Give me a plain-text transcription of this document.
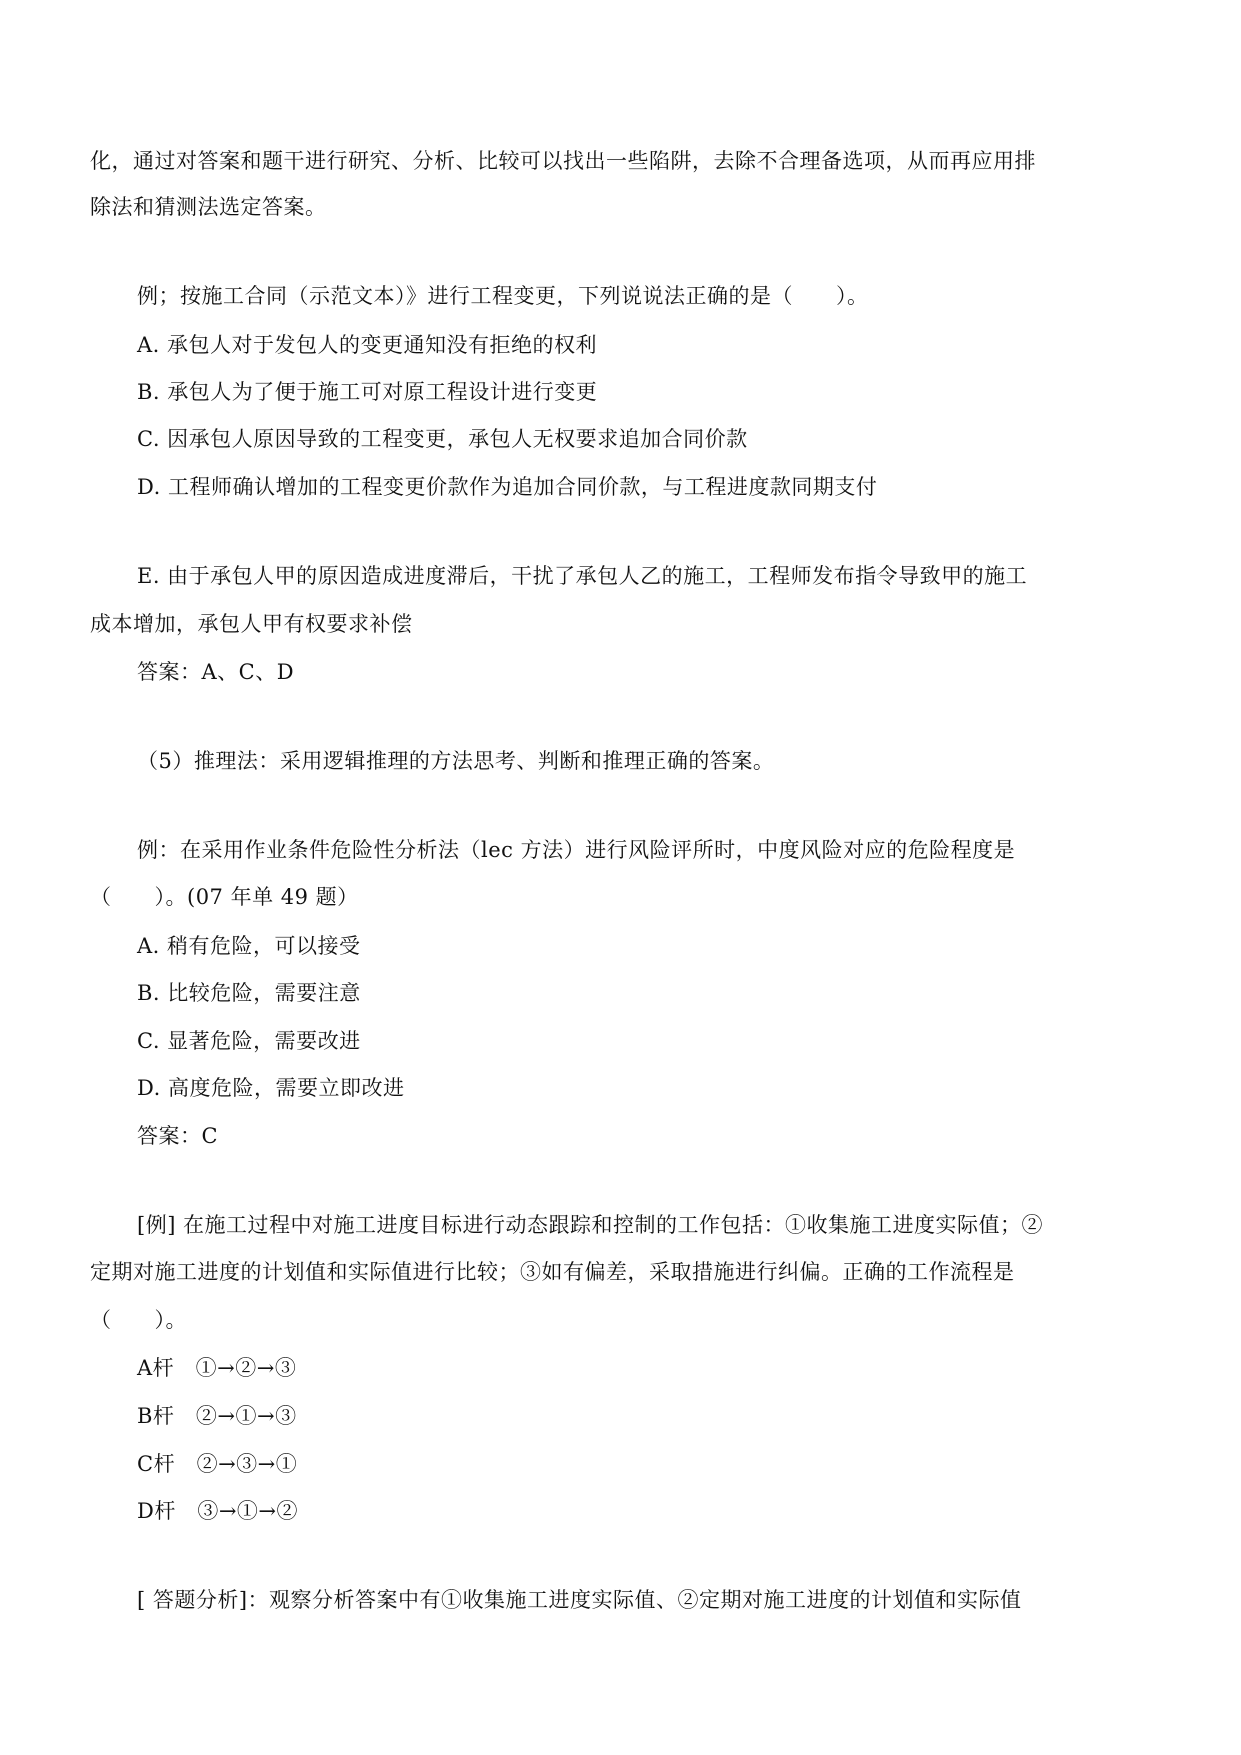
化，通过对答案和题干进行研究、分析、比较可以找出一些陷阱，去除不合理备选项，从而再应用排
除法和猜测法选定答案。
例；按施工合同（示范文本）》进行工程变更，下列说说法正确的是（　　）。
A. 承包人对于发包人的变更通知没有拒绝的权利
B. 承包人为了便于施工可对原工程设计进行变更
C. 因承包人原因导致的工程变更，承包人无权要求追加合同价款
D. 工程师确认增加的工程变更价款作为追加合同价款，与工程进度款同期支付
E. 由于承包人甲的原因造成进度滞后，干扰了承包人乙的施工，工程师发布指令导致甲的施工
成本增加，承包人甲有权要求补偿
答案：A、C、D
（5）推理法：采用逻辑推理的方法思考、判断和推理正确的答案。
例：在采用作业条件危险性分析法（lec 方法）进行风险评所时，中度风险对应的危险程度是
（　　）。(07 年单 49 题）
A. 稍有危险，可以接受
B. 比较危险，需要注意
C. 显著危险，需要改进
D. 高度危险，需要立即改进
答案：C
[例] 在施工过程中对施工进度目标进行动态跟踪和控制的工作包括：①收集施工进度实际值；②
定期对施工进度的计划值和实际值进行比较；③如有偏差，采取措施进行纠偏。正确的工作流程是
（　　）。
A杆　①→②→③
B杆　②→①→③
C杆　②→③→①
D杆　③→①→②
[ 答题分析]：观察分析答案中有①收集施工进度实际值、②定期对施工进度的计划值和实际值
